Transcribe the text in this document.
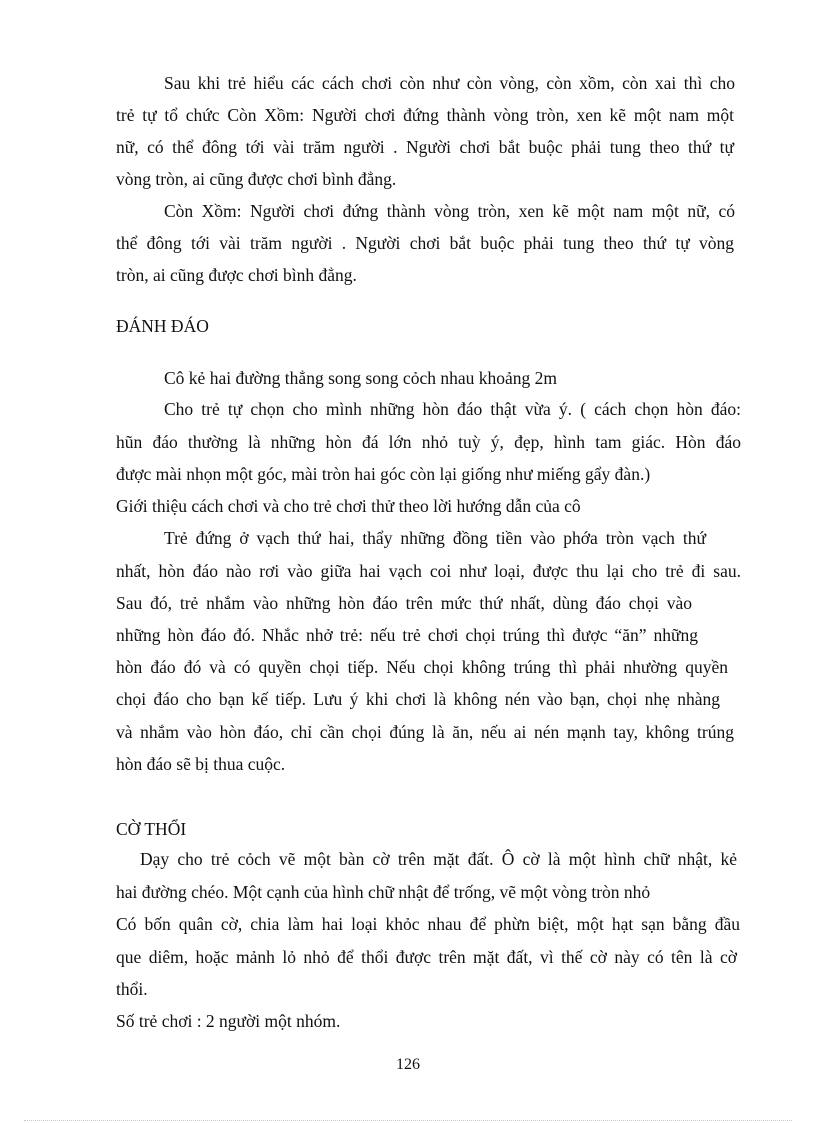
Sau khi trẻ hiểu các cách chơi còn như còn vòng, còn xồm, còn xai thì cho
trẻ tự tổ chức Còn Xồm: Người chơi đứng thành vòng tròn, xen kẽ một nam một
nữ, có thể đông tới vài trăm người . Người chơi bắt buộc phải tung theo thứ tự
vòng tròn, ai cũng được chơi bình đẳng.
Còn Xồm: Người chơi đứng thành vòng tròn, xen kẽ một nam một nữ, có
thể đông tới vài trăm người . Người chơi bắt buộc phải tung theo thứ tự vòng
tròn, ai cũng được chơi bình đẳng.
ĐÁNH ĐÁO
Cô kẻ hai đường thẳng song song cỏch nhau khoảng 2m
Cho trẻ tự chọn cho mình những hòn đáo thật vừa ý. ( cách chọn hòn đáo:
hũn đáo thường là những hòn đá lớn nhỏ tuỳ ý, đẹp, hình tam giác. Hòn đáo
được mài nhọn một góc, mài tròn hai góc còn lại giống như miếng gẩy đàn.)
Giới thiệu cách chơi và cho trẻ chơi thử theo lời hướng dẫn của cô
Trẻ đứng ở vạch thứ hai, thẩy những đồng tiền vào phớa tròn vạch thứ
nhất, hòn đáo nào rơi vào giữa hai vạch coi như loại, được thu lại cho trẻ đi sau.
Sau đó, trẻ nhắm vào những hòn đáo trên mức thứ nhất, dùng đáo chọi vào
những hòn đáo đó. Nhắc nhở trẻ: nếu trẻ chơi chọi trúng thì được “ăn” những
hòn đáo đó và có quyền chọi tiếp. Nếu chọi không trúng thì phải nhường quyền
chọi đáo cho bạn kế tiếp. Lưu ý khi chơi là không nén vào bạn, chọi nhẹ nhàng
và nhắm vào hòn đáo, chỉ cần chọi đúng là ăn, nếu ai nén mạnh tay, không trúng
hòn đáo sẽ bị thua cuộc.
CỜ THỔI
Dạy cho trẻ cỏch vẽ một bàn cờ trên mặt đất. Ô cờ là một hình chữ nhật, kẻ
hai đường chéo. Một cạnh của hình chữ nhật để trống, vẽ một vòng tròn nhỏ
Có bốn quân cờ, chia làm hai loại khỏc nhau để phừn biệt, một hạt sạn bằng đầu
que diêm, hoặc mảnh lỏ nhỏ để thổi được trên mặt đất, vì thế cờ này có tên là cờ
thổi.
Số trẻ chơi : 2 người một nhóm.
126
